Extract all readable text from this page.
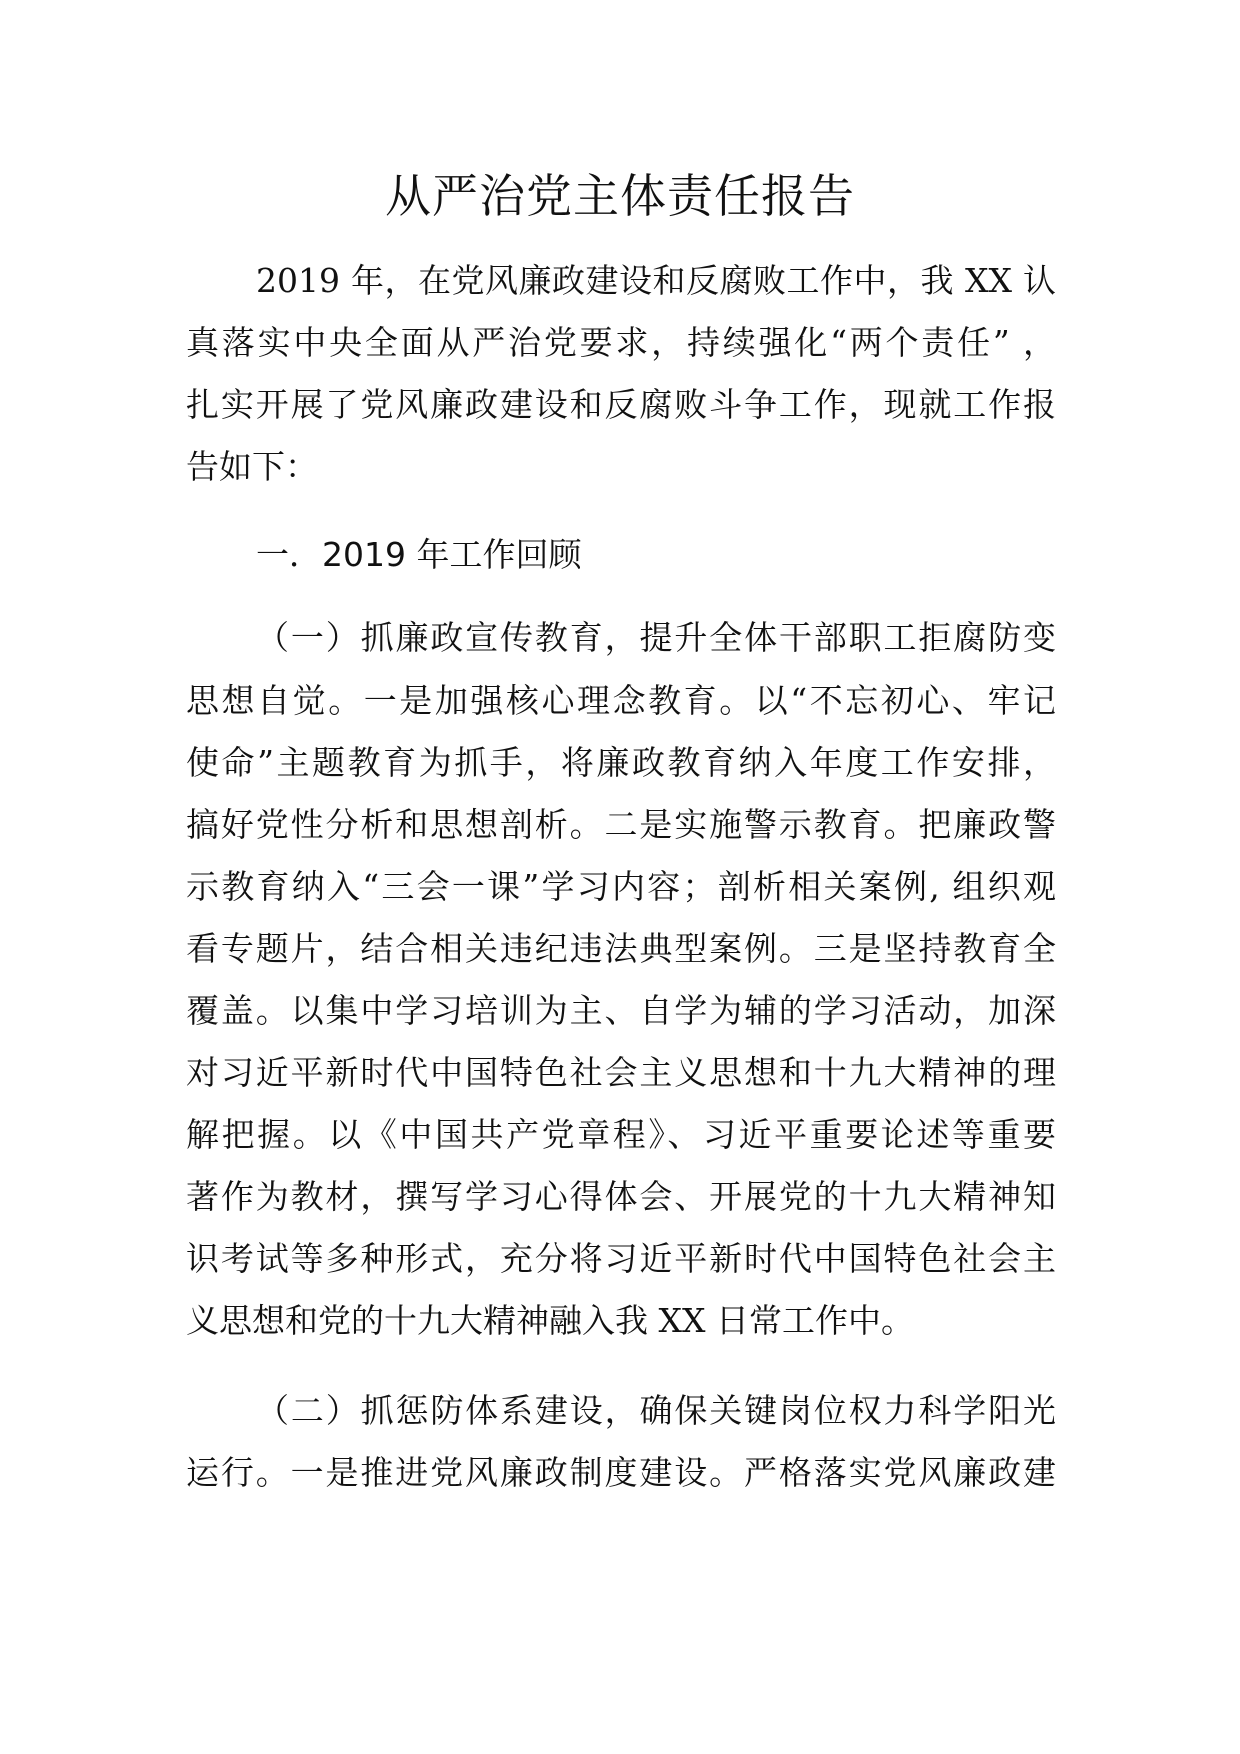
从严治党主体责任报告

2019 年，在党风廉政建设和反腐败工作中，我 XX 认

真落实中央全面从严治党要求，持续强化“两个责任” ，

扎实开展了党风廉政建设和反腐败斗争工作，现就工作报

告如下：

一．2019 年工作回顾

（一）抓廉政宣传教育，提升全体干部职工拒腐防变

思想自觉。一是加强核心理念教育。以“不忘初心、牢记

使命”主题教育为抓手，将廉政教育纳入年度工作安排，

搞好党性分析和思想剖析。二是实施警示教育。把廉政警

示教育纳入“三会一课”学习内容；剖析相关案例, 组织观

看专题片，结合相关违纪违法典型案例。三是坚持教育全

覆盖。以集中学习培训为主、自学为辅的学习活动，加深

对习近平新时代中国特色社会主义思想和十九大精神的理

解把握。以《中国共产党章程》、习近平重要论述等重要

著作为教材，撰写学习心得体会、开展党的十九大精神知

识考试等多种形式，充分将习近平新时代中国特色社会主

义思想和党的十九大精神融入我 XX 日常工作中。

（二）抓惩防体系建设，确保关键岗位权力科学阳光

运行。一是推进党风廉政制度建设。严格落实党风廉政建
